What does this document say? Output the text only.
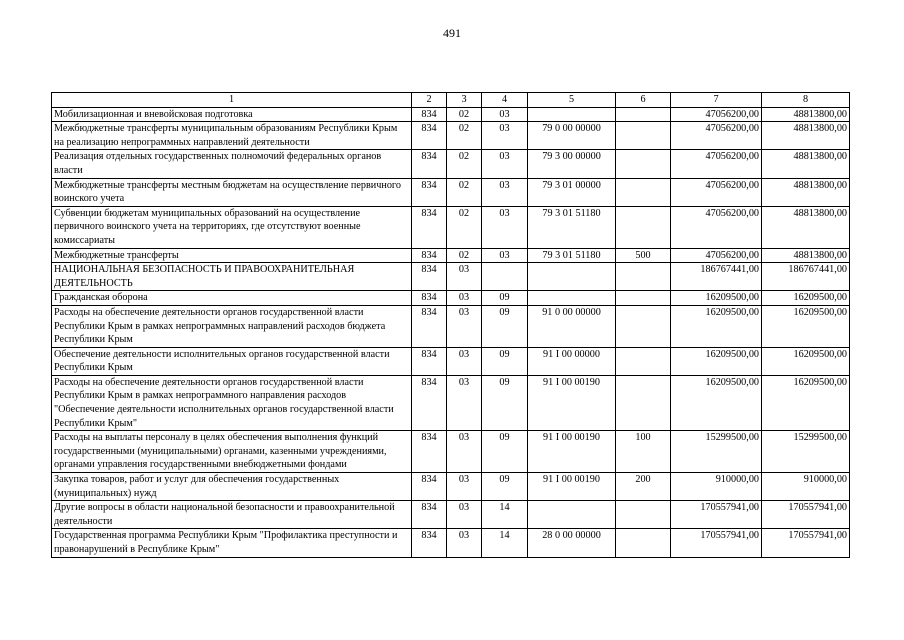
491
1	2	3	4	5	6	7	8
Мобилизационная и вневойсковая подготовка	834	02	03			47056200,00	48813800,00
Межбюджетные трансферты муниципальным образованиям Республики Крым на реализацию непрограммных направлений деятельности	834	02	03	79 0 00 00000		47056200,00	48813800,00
Реализация отдельных государственных полномочий федеральных органов власти	834	02	03	79 3 00 00000		47056200,00	48813800,00
Межбюджетные трансферты местным бюджетам на осуществление первичного воинского учета	834	02	03	79 3 01 00000		47056200,00	48813800,00
Субвенции бюджетам муниципальных образований на осуществление первичного воинского учета на территориях, где отсутствуют военные комиссариаты	834	02	03	79 3 01 51180		47056200,00	48813800,00
Межбюджетные трансферты	834	02	03	79 3 01 51180	500	47056200,00	48813800,00
НАЦИОНАЛЬНАЯ БЕЗОПАСНОСТЬ И ПРАВООХРАНИТЕЛЬНАЯ ДЕЯТЕЛЬНОСТЬ	834	03				186767441,00	186767441,00
Гражданская оборона	834	03	09			16209500,00	16209500,00
Расходы на обеспечение деятельности органов государственной власти Республики Крым в рамках непрограммных направлений расходов бюджета Республики Крым	834	03	09	91 0 00 00000		16209500,00	16209500,00
Обеспечение деятельности исполнительных органов государственной власти Республики Крым	834	03	09	91 I 00 00000		16209500,00	16209500,00
Расходы на обеспечение деятельности органов государственной власти Республики Крым в рамках непрограммного направления расходов "Обеспечение деятельности исполнительных органов государственной власти Республики Крым"	834	03	09	91 I 00 00190		16209500,00	16209500,00
Расходы на выплаты персоналу в целях обеспечения выполнения функций государственными (муниципальными) органами, казенными учреждениями, органами управления государственными внебюджетными фондами	834	03	09	91 I 00 00190	100	15299500,00	15299500,00
Закупка товаров, работ и услуг для обеспечения государственных (муниципальных) нужд	834	03	09	91 I 00 00190	200	910000,00	910000,00
Другие вопросы в области национальной безопасности и правоохранительной деятельности	834	03	14			170557941,00	170557941,00
Государственная программа Республики Крым "Профилактика преступности и правонарушений в Республике Крым"	834	03	14	28 0 00 00000		170557941,00	170557941,00
